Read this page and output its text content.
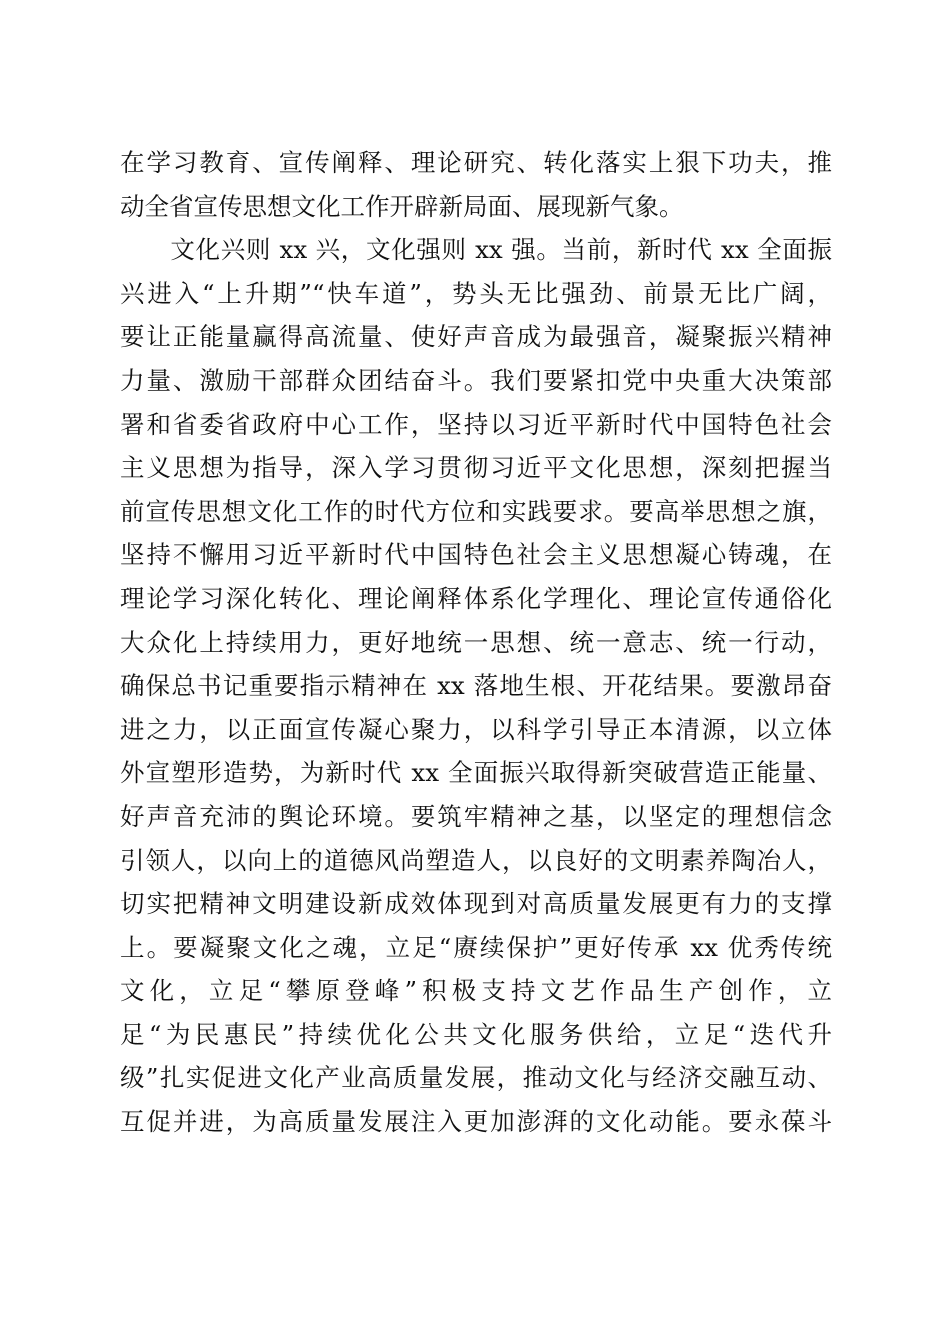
在学习教育、宣传阐释、理论研究、转化落实上狠下功夫，推
动全省宣传思想文化工作开辟新局面、展现新气象。
　　文化兴则 xx 兴，文化强则 xx 强。当前，新时代 xx 全面振
兴进入“上升期”“快车道”，势头无比强劲、前景无比广阔，
要让正能量赢得高流量、使好声音成为最强音，凝聚振兴精神
力量、激励干部群众团结奋斗。我们要紧扣党中央重大决策部
署和省委省政府中心工作，坚持以习近平新时代中国特色社会
主义思想为指导，深入学习贯彻习近平文化思想，深刻把握当
前宣传思想文化工作的时代方位和实践要求。要高举思想之旗，
坚持不懈用习近平新时代中国特色社会主义思想凝心铸魂，在
理论学习深化转化、理论阐释体系化学理化、理论宣传通俗化
大众化上持续用力，更好地统一思想、统一意志、统一行动，
确保总书记重要指示精神在 xx 落地生根、开花结果。要激昂奋
进之力，以正面宣传凝心聚力，以科学引导正本清源，以立体
外宣塑形造势，为新时代 xx 全面振兴取得新突破营造正能量、
好声音充沛的舆论环境。要筑牢精神之基，以坚定的理想信念
引领人，以向上的道德风尚塑造人，以良好的文明素养陶冶人，
切实把精神文明建设新成效体现到对高质量发展更有力的支撑
上。要凝聚文化之魂，立足“赓续保护”更好传承 xx 优秀传统
文化，立足“攀原登峰”积极支持文艺作品生产创作，立
足“为民惠民”持续优化公共文化服务供给，立足“迭代升
级”扎实促进文化产业高质量发展，推动文化与经济交融互动、
互促并进，为高质量发展注入更加澎湃的文化动能。要永葆斗
